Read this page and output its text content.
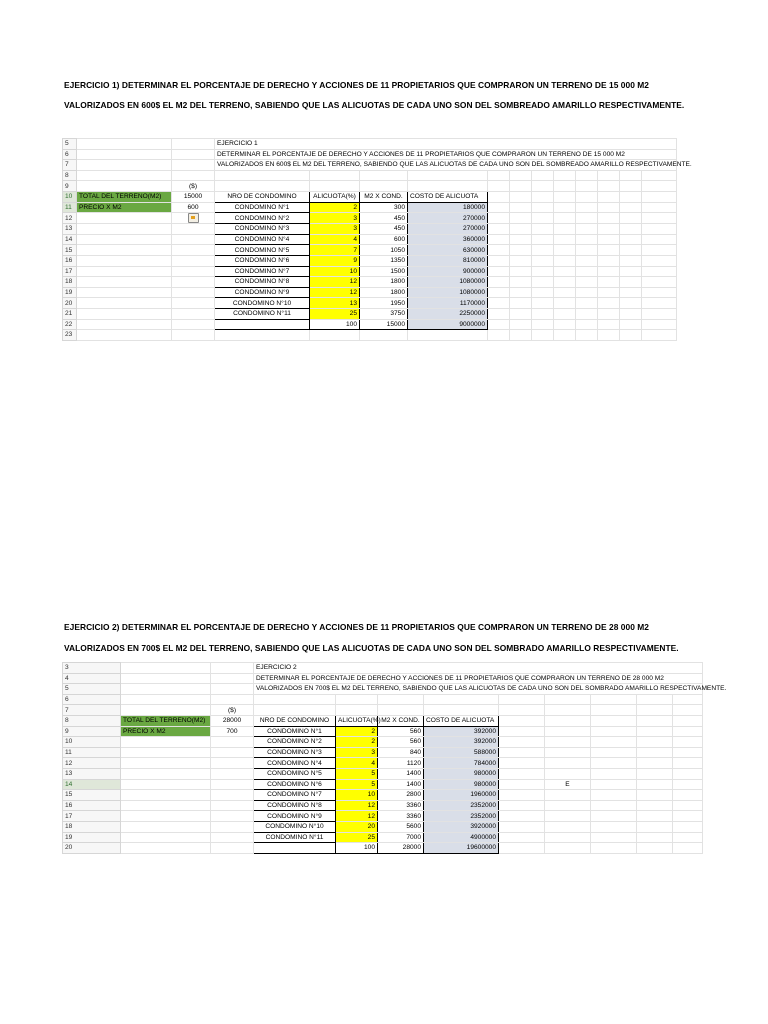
EJERCICIO 1) DETERMINAR EL PORCENTAJE DE DERECHO Y ACCIONES DE 11 PROPIETARIOS QUE COMPRARON UN TERRENO DE 15 000 M2
VALORIZADOS EN 600$ EL M2 DEL TERRENO, SABIENDO QUE LAS ALICUOTAS DE CADA UNO SON DEL SOMBREADO AMARILLO RESPECTIVAMENTE.
5			EJERCICIO 1											
6			DETERMINAR EL PORCENTAJE DE DERECHO Y ACCIONES DE 11 PROPIETARIOS QUE COMPRARON UN TERRENO DE 15 000 M2											
7			VALORIZADOS EN 600$ EL M2 DEL TERRENO, SABIENDO QUE LAS ALICUOTAS DE CADA UNO SON DEL SOMBREADO AMARILLO RESPECTIVAMENTE.											
8														
9		($)												
10	TOTAL DEL TERRENO(M2)	15000	NRO DE CONDOMINO	ALICUOTA(%)	M2 X COND.	COSTO DE ALICUOTA								
11	PRECIO X M2	600	CONDOMINO N°1	2	300	180000								
12			CONDOMINO N°2	3	450	270000								
13			CONDOMINO N°3	3	450	270000								
14			CONDOMINO N°4	4	600	360000								
15			CONDOMINO N°5	7	1050	630000								
16			CONDOMINO N°6	9	1350	810000								
17			CONDOMINO N°7	10	1500	900000								
18			CONDOMINO N°8	12	1800	1080000								
19			CONDOMINO N°9	12	1800	1080000								
20			CONDOMINO N°10	13	1950	1170000								
21			CONDOMINO N°11	25	3750	2250000								
22				100	15000	9000000								
23														
EJERCICIO 2) DETERMINAR EL PORCENTAJE DE DERECHO Y ACCIONES DE 11 PROPIETARIOS QUE COMPRARON UN TERRENO DE 28 000 M2
VALORIZADOS EN 700$ EL M2 DEL TERRENO, SABIENDO QUE LAS ALICUOTAS DE CADA UNO SON DEL SOMBRADO AMARILLO RESPECTIVAMENTE.
3			EJERCICIO 2								
4			DETERMINAR EL PORCENTAJE DE DERECHO Y ACCIONES DE 11 PROPIETARIOS QUE COMPRARON UN TERRENO DE 28 000 M2								
5			VALORIZADOS EN 700$ EL M2 DEL TERRENO, SABIENDO QUE LAS ALICUOTAS DE CADA UNO SON DEL SOMBRADO AMARILLO RESPECTIVAMENTE.								
6											
7		($)									
8	TOTAL DEL TERRENO(M2)	28000	NRO DE CONDOMINO	ALICUOTA(%)	M2 X COND.	COSTO DE ALICUOTA					
9	PRECIO X M2	700	CONDOMINO N°1	2	560	392000					
10			CONDOMINO N°2	2	560	392000					
11			CONDOMINO N°3	3	840	588000					
12			CONDOMINO N°4	4	1120	784000					
13			CONDOMINO N°5	5	1400	980000					
14			CONDOMINO N°6	5	1400	980000		E			
15			CONDOMINO N°7	10	2800	1960000					
16			CONDOMINO N°8	12	3360	2352000					
17			CONDOMINO N°9	12	3360	2352000					
18			CONDOMINO N°10	20	5600	3920000					
19			CONDOMINO N°11	25	7000	4900000					
20				100	28000	19600000					
